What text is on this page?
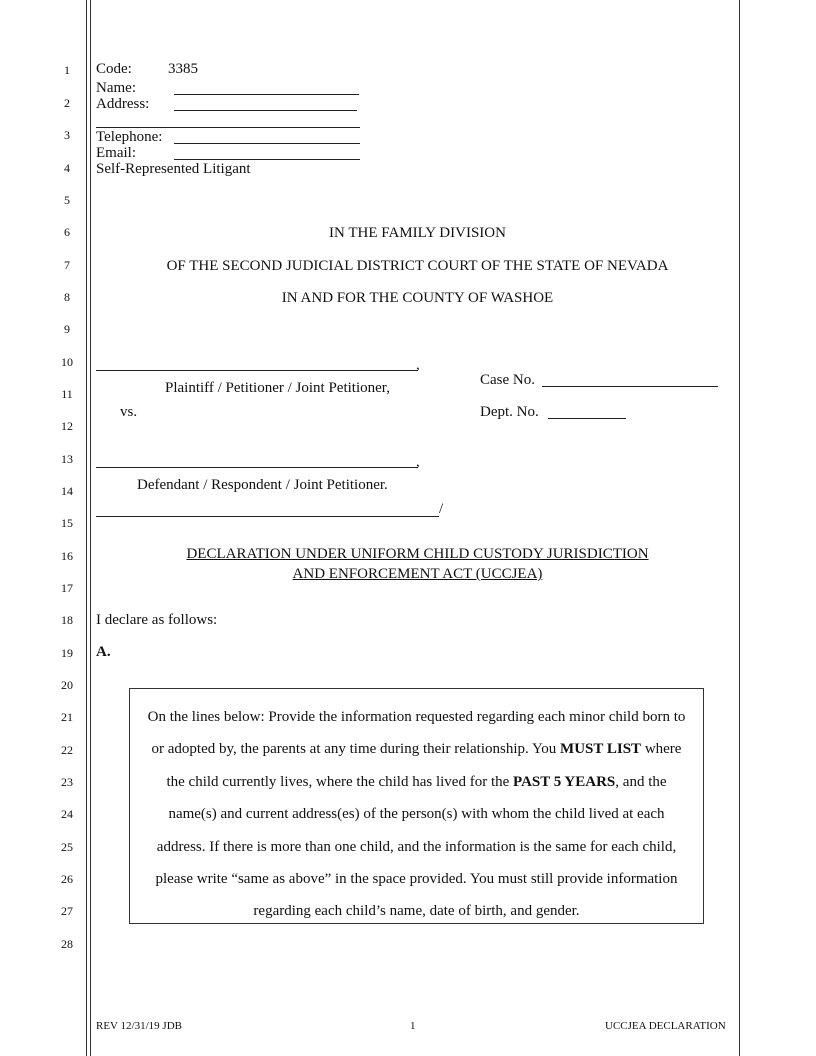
1
2
3
4
5
6
7
8
9
10
11
12
13
14
15
16
17
18
19
20
21
22
23
24
25
26
27
28
Code: 3385
Name:
Address:
Telephone:
Email:
Self-Represented Litigant
IN THE FAMILY DIVISION
OF THE SECOND JUDICIAL DISTRICT COURT OF THE STATE OF NEVADA
IN AND FOR THE COUNTY OF WASHOE
,
Plaintiff / Petitioner / Joint Petitioner,
vs.
Case No.
Dept. No.
,
Defendant / Respondent / Joint Petitioner.
/
DECLARATION UNDER UNIFORM CHILD CUSTODY JURISDICTION
AND ENFORCEMENT ACT (UCCJEA)
I declare as follows:
A.
On the lines below: Provide the information requested regarding each minor child born to or adopted by, the parents at any time during their relationship. You MUST LIST where the child currently lives, where the child has lived for the PAST 5 YEARS, and the name(s) and current address(es) of the person(s) with whom the child lived at each address. If there is more than one child, and the information is the same for each child, please write “same as above” in the space provided. You must still provide information regarding each child’s name, date of birth, and gender.
REV 12/31/19 JDB	1	UCCJEA DECLARATION
